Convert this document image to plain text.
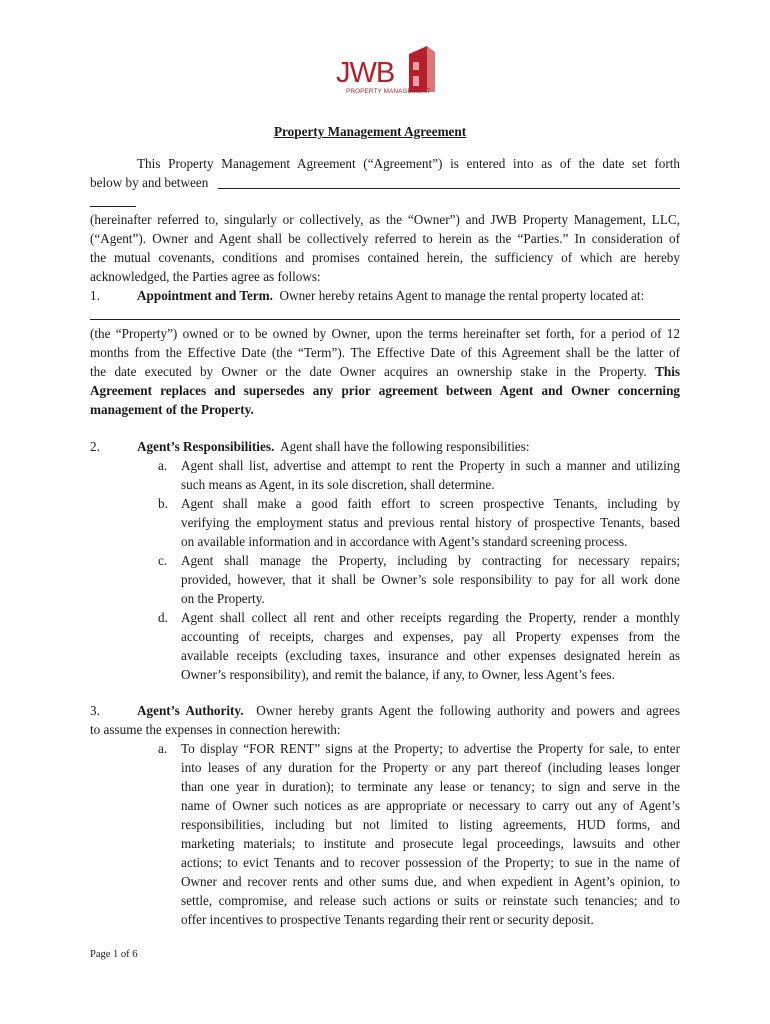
JWB
PROPERTY MANAGEMENT
Property Management Agreement
This Property Management Agreement (“Agreement”) is entered into as of the date set forth
below by and between
(hereinafter referred to, singularly or collectively, as the “Owner”) and JWB Property Management, LLC,
(“Agent”). Owner and Agent shall be collectively referred to herein as the “Parties.” In consideration of
the mutual covenants, conditions and promises contained herein, the sufficiency of which are hereby
acknowledged, the Parties agree as follows:
1.	Appointment and Term. Owner hereby retains Agent to manage the rental property located at:
(the “Property”) owned or to be owned by Owner, upon the terms hereinafter set forth, for a period of 12
months from the Effective Date (the “Term”). The Effective Date of this Agreement shall be the latter of
the date executed by Owner or the date Owner acquires an ownership stake in the Property. This
Agreement replaces and supersedes any prior agreement between Agent and Owner concerning
management of the Property.
2.	Agent’s Responsibilities. Agent shall have the following responsibilities:
a. Agent shall list, advertise and attempt to rent the Property in such a manner and utilizing
such means as Agent, in its sole discretion, shall determine.
b. Agent shall make a good faith effort to screen prospective Tenants, including by
verifying the employment status and previous rental history of prospective Tenants, based
on available information and in accordance with Agent’s standard screening process.
c. Agent shall manage the Property, including by contracting for necessary repairs;
provided, however, that it shall be Owner’s sole responsibility to pay for all work done
on the Property.
d. Agent shall collect all rent and other receipts regarding the Property, render a monthly
accounting of receipts, charges and expenses, pay all Property expenses from the
available receipts (excluding taxes, insurance and other expenses designated herein as
Owner’s responsibility), and remit the balance, if any, to Owner, less Agent’s fees.
3.	Agent’s Authority. Owner hereby grants Agent the following authority and powers and agrees
to assume the expenses in connection herewith:
a. To display “FOR RENT” signs at the Property; to advertise the Property for sale, to enter
into leases of any duration for the Property or any part thereof (including leases longer
than one year in duration); to terminate any lease or tenancy; to sign and serve in the
name of Owner such notices as are appropriate or necessary to carry out any of Agent’s
responsibilities, including but not limited to listing agreements, HUD forms, and
marketing materials; to institute and prosecute legal proceedings, lawsuits and other
actions; to evict Tenants and to recover possession of the Property; to sue in the name of
Owner and recover rents and other sums due, and when expedient in Agent’s opinion, to
settle, compromise, and release such actions or suits or reinstate such tenancies; and to
offer incentives to prospective Tenants regarding their rent or security deposit.
Page 1 of 6
